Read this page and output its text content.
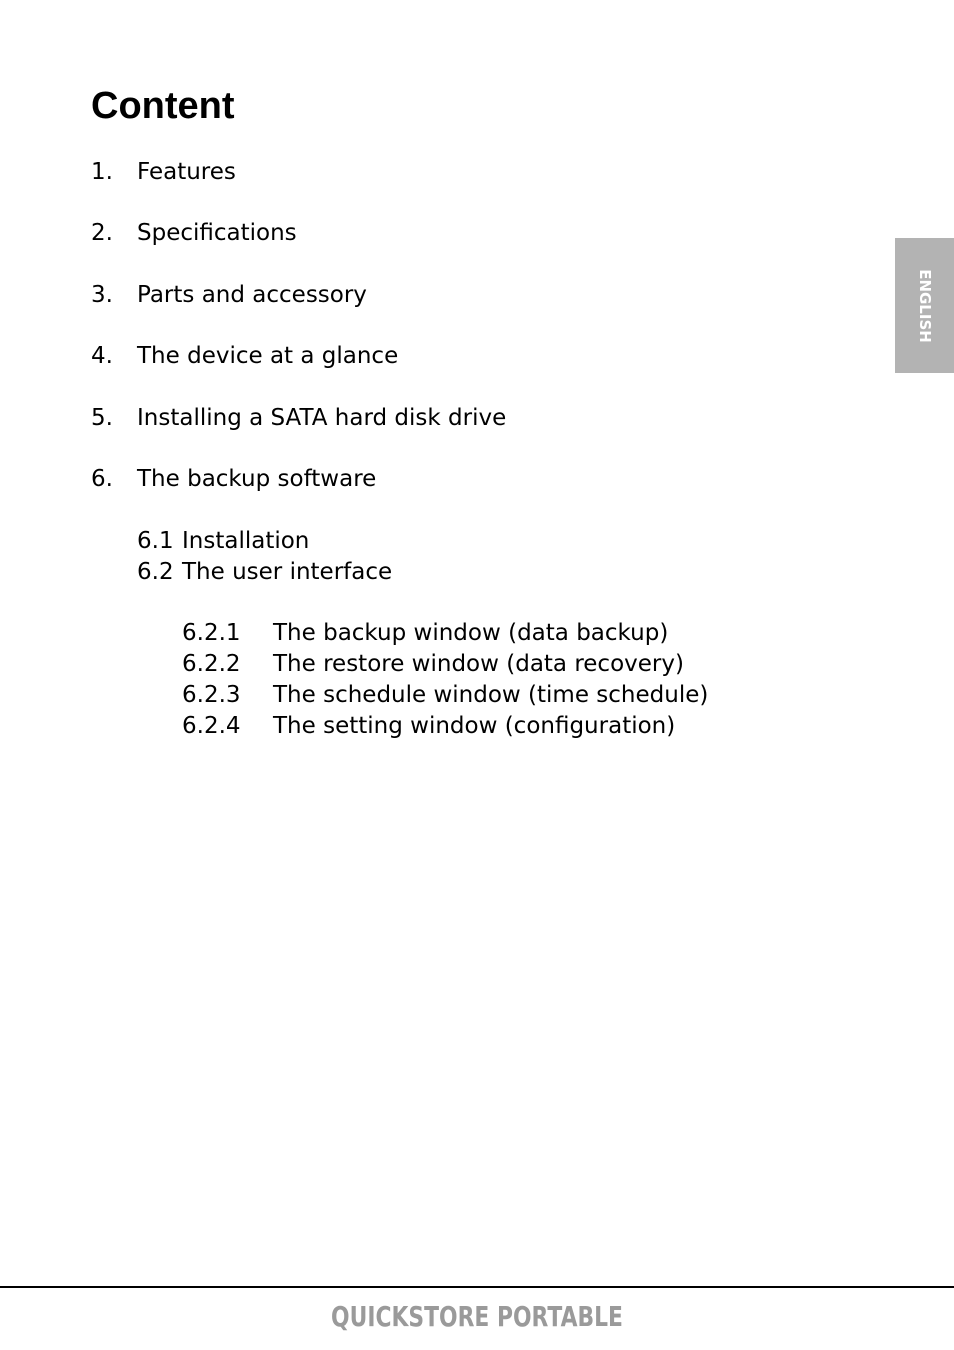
Content
1. Features
2. Specifications
3. Parts and accessory
4. The device at a glance
5. Installing a SATA hard disk drive
6. The backup software
6.1 Installation
6.2 The user interface
6.2.1 The backup window (data backup)
6.2.2 The restore window (data recovery)
6.2.3 The schedule window (time schedule)
6.2.4 The setting window (configuration)
ENGLISH
QUICKSTORE PORTABLE
